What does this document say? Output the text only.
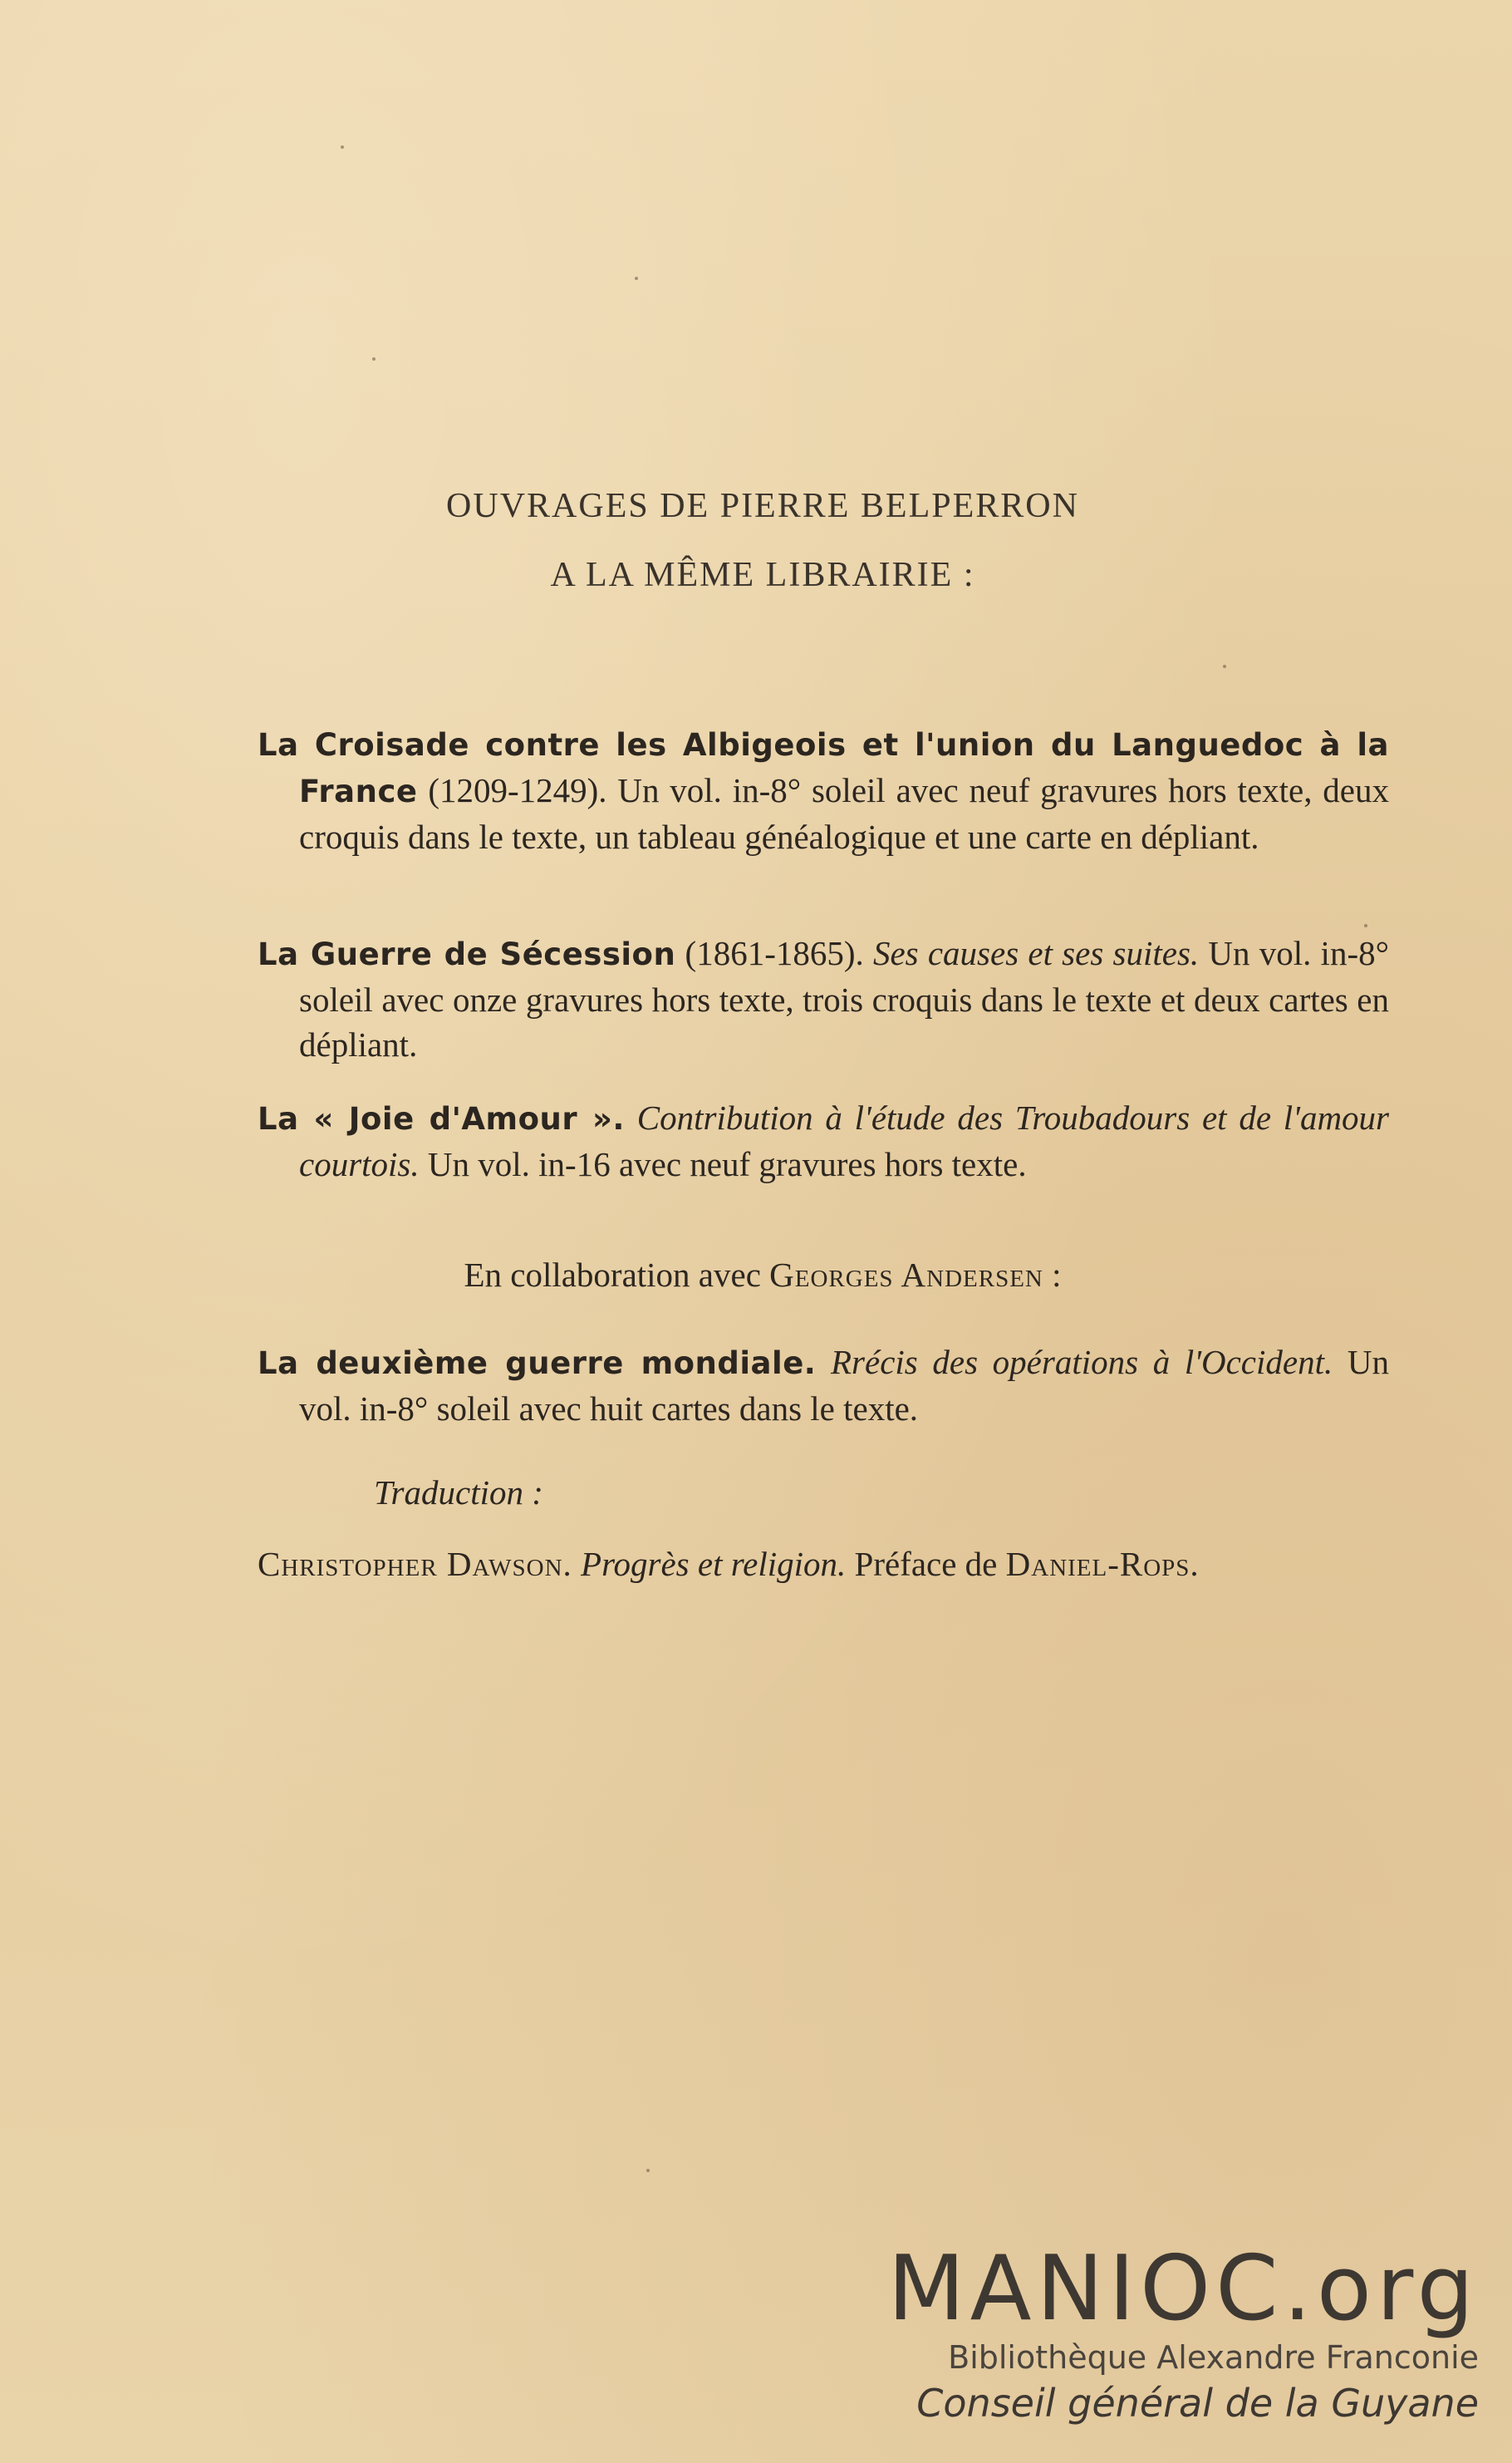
OUVRAGES DE PIERRE BELPERRON
A LA MÊME LIBRAIRIE :

La Croisade contre les Albigeois et l'union du Languedoc à la France (1209-1249). Un vol. in-8° soleil avec neuf gravures hors texte, deux croquis dans le texte, un tableau généalogique et une carte en dépliant.

La Guerre de Sécession (1861-1865). Ses causes et ses suites. Un vol. in-8° soleil avec onze gravures hors texte, trois croquis dans le texte et deux cartes en dépliant.

La « Joie d'Amour ». Contribution à l'étude des Troubadours et de l'amour courtois. Un vol. in-16 avec neuf gravures hors texte.

En collaboration avec Georges Andersen :

La deuxième guerre mondiale. Rrécis des opérations à l'Occident. Un vol. in-8° soleil avec huit cartes dans le texte.

Traduction :

Christopher Dawson. Progrès et religion. Préface de Daniel-Rops.

MANIOC.org
Bibliothèque Alexandre Franconie
Conseil général de la Guyane
